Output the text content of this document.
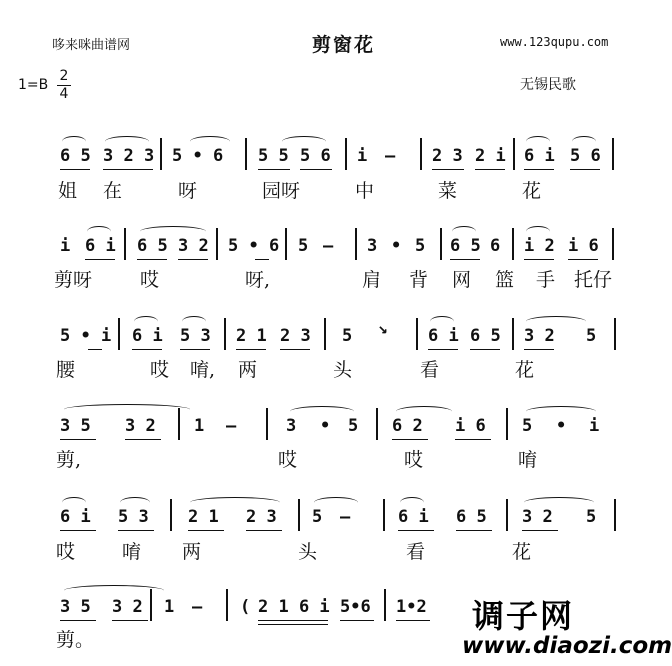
哆来咪曲谱网	剪窗花	www.123qupu.com
1=B
2
4
无锡民歌
6 5 3 2 3 5 • 6 5 5 5 6 i — 2 3 2 i 6 i 5 6
姐 在	呀	园呀	中	菜	花
i 6 i 6 5 3 2 5 • 6 5 — 3 • 5 6 5 6 i 2 i 6
剪呀	哎	呀,	肩 背 网 篮 手 托仔
5 • i 6 i 5 3 2 1 2 3 5 ↘ 6 i 6 5 3 2 5
腰	哎 唷, 两	头	看	花
3 5 3 2 1 —	3 • 5 6 2 i 6 5 • i
剪,	哎	哎	唷
6 i 5 3 2 1 2 3 5 —	6 i 6 5 3 2 5
哎 唷 两	头	看	花
3 5 3 2 1 — ( 2 1 6 i 5•6 1•2
剪。
调子网
www.diaozi.com
